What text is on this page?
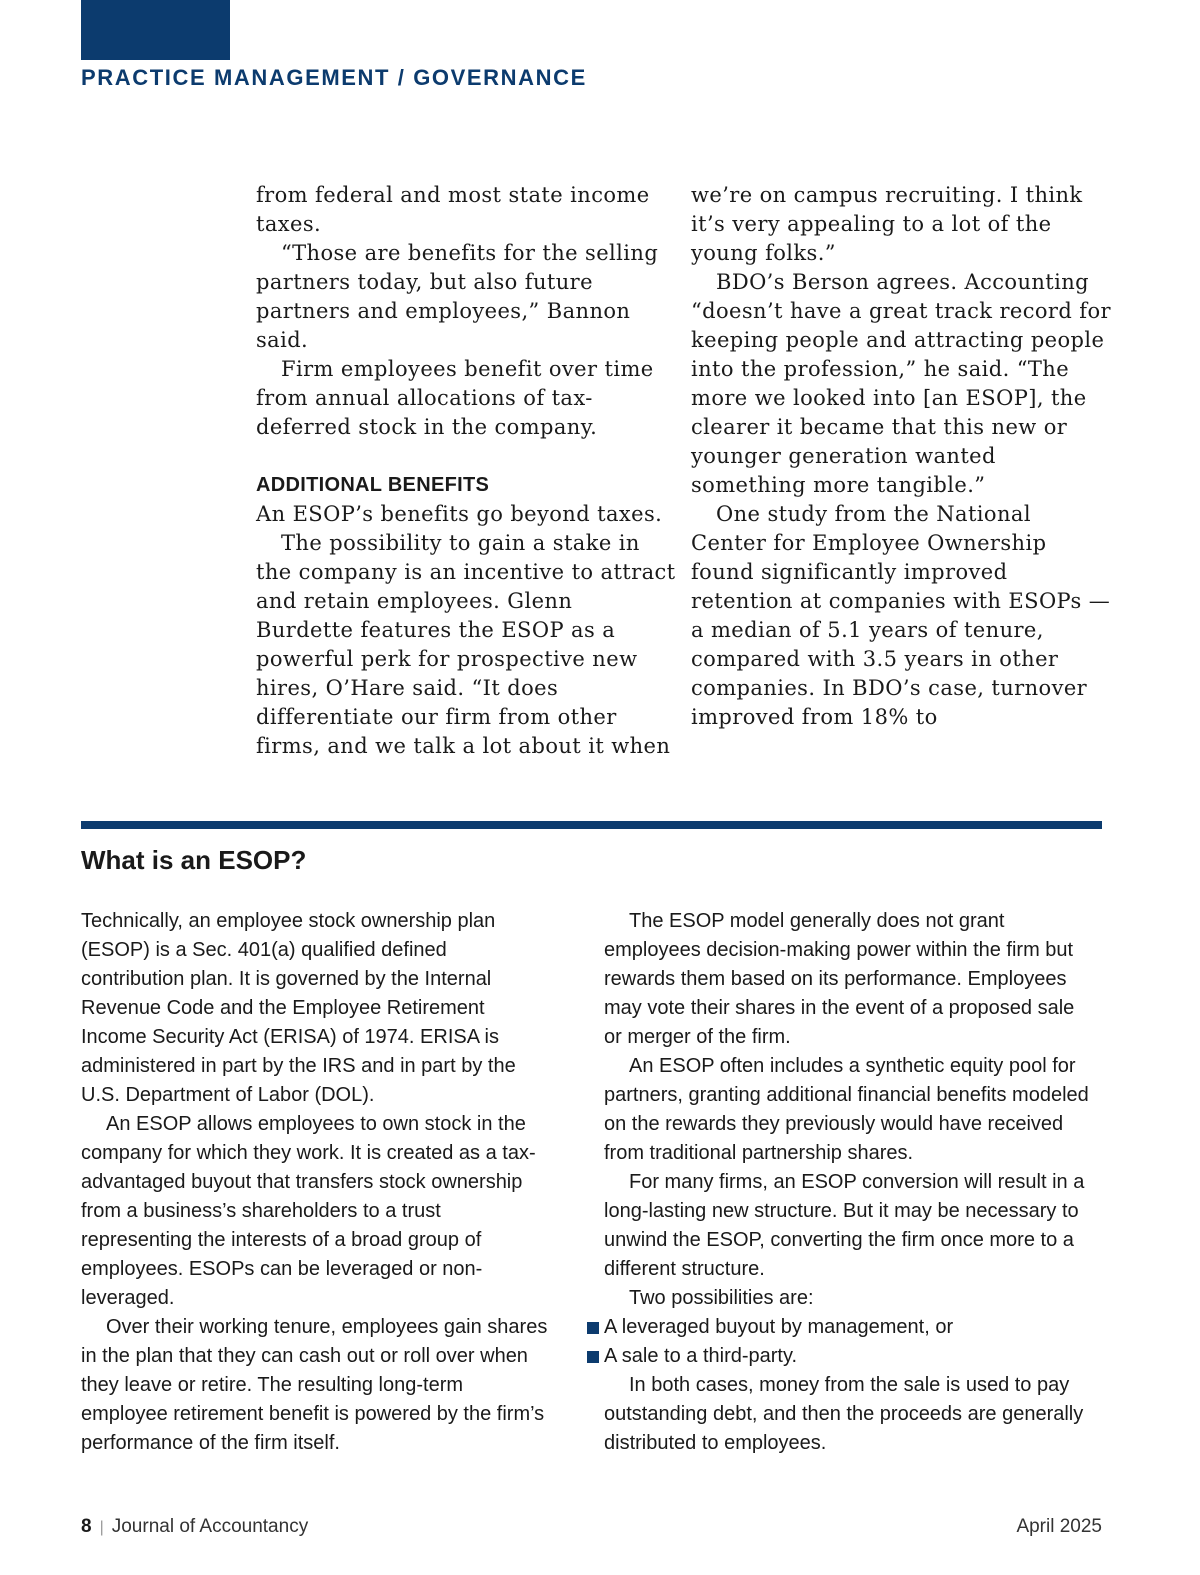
PRACTICE MANAGEMENT / GOVERNANCE

from federal and most state income taxes.

“Those are benefits for the selling partners today, but also future partners and employees,” Bannon said.

Firm employees benefit over time from annual allocations of tax-deferred stock in the company.

ADDITIONAL BENEFITS

An ESOP’s benefits go beyond taxes.

The possibility to gain a stake in the company is an incentive to attract and retain employees. Glenn Burdette features the ESOP as a powerful perk for prospective new hires, O’Hare said. “It does differentiate our firm from other firms, and we talk a lot about it when

we’re on campus recruiting. I think it’s very appealing to a lot of the young folks.”

BDO’s Berson agrees. Accounting “doesn’t have a great track record for keeping people and attracting people into the profession,” he said. “The more we looked into [an ESOP], the clearer it became that this new or younger generation wanted something more tangible.”

One study from the National Center for Employee Ownership found significantly improved retention at companies with ESOPs — a median of 5.1 years of tenure, compared with 3.5 years in other companies. In BDO’s case, turnover improved from 18% to

What is an ESOP?

Technically, an employee stock ownership plan (ESOP) is a Sec. 401(a) qualified defined contribution plan. It is governed by the Internal Revenue Code and the Employee Retirement Income Security Act (ERISA) of 1974. ERISA is administered in part by the IRS and in part by the U.S. Department of Labor (DOL).

An ESOP allows employees to own stock in the company for which they work. It is created as a tax-advantaged buyout that transfers stock ownership from a business’s shareholders to a trust representing the interests of a broad group of employees. ESOPs can be leveraged or non-leveraged.

Over their working tenure, employees gain shares in the plan that they can cash out or roll over when they leave or retire. The resulting long-term employee retirement benefit is powered by the firm’s performance of the firm itself.

The ESOP model generally does not grant employees decision-making power within the firm but rewards them based on its performance. Employees may vote their shares in the event of a proposed sale or merger of the firm.

An ESOP often includes a synthetic equity pool for partners, granting additional financial benefits modeled on the rewards they previously would have received from traditional partnership shares.

For many firms, an ESOP conversion will result in a long-lasting new structure. But it may be necessary to unwind the ESOP, converting the firm once more to a different structure.

Two possibilities are:

A leveraged buyout by management, or

A sale to a third-party.

In both cases, money from the sale is used to pay outstanding debt, and then the proceeds are generally distributed to employees.

8 | Journal of Accountancy	April 2025
